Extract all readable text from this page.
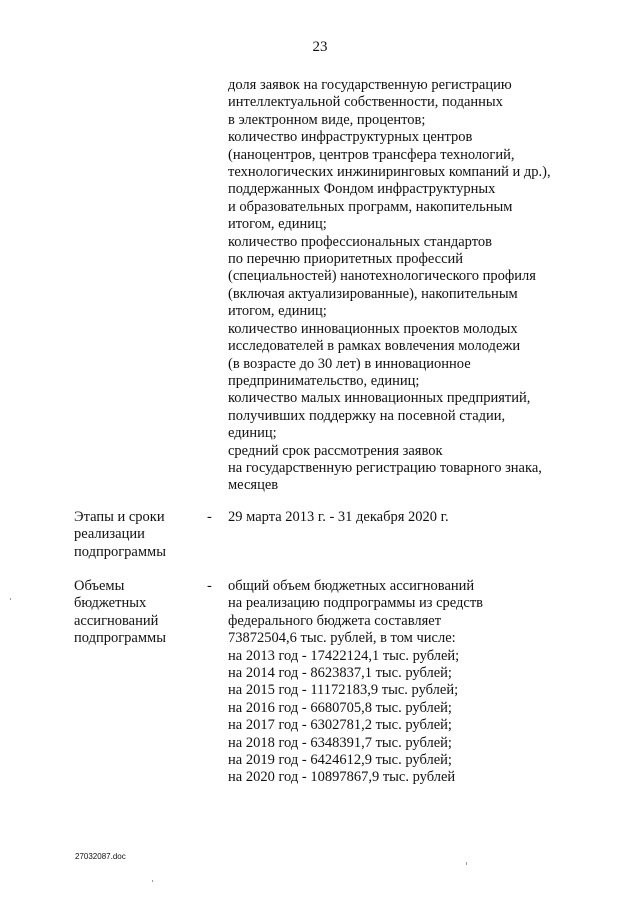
23
доля заявок на государственную регистрацию
интеллектуальной собственности, поданных
в электронном виде, процентов;
количество инфраструктурных центров
(наноцентров, центров трансфера технологий,
технологических инжиниринговых компаний и др.),
поддержанных Фондом инфраструктурных
и образовательных программ, накопительным
итогом, единиц;
количество профессиональных стандартов
по перечню приоритетных профессий
(специальностей) нанотехнологического профиля
(включая актуализированные), накопительным
итогом, единиц;
количество инновационных проектов молодых
исследователей в рамках вовлечения молодежи
(в возрасте до 30 лет) в инновационное
предпринимательство, единиц;
количество малых инновационных предприятий,
получивших поддержку на посевной стадии,
единиц;
средний срок рассмотрения заявок
на государственную регистрацию товарного знака,
месяцев
Этапы и сроки
реализации
подпрограммы
- 29 марта 2013 г. - 31 декабря 2020 г.
Объемы
бюджетных
ассигнований
подпрограммы
- общий объем бюджетных ассигнований
на реализацию подпрограммы из средств
федерального бюджета составляет
73872504,6 тыс. рублей, в том числе:
на 2013 год - 17422124,1 тыс. рублей;
на 2014 год - 8623837,1 тыс. рублей;
на 2015 год - 11172183,9 тыс. рублей;
на 2016 год - 6680705,8 тыс. рублей;
на 2017 год - 6302781,2 тыс. рублей;
на 2018 год - 6348391,7 тыс. рублей;
на 2019 год - 6424612,9 тыс. рублей;
на 2020 год - 10897867,9 тыс. рублей
27032087.doc
